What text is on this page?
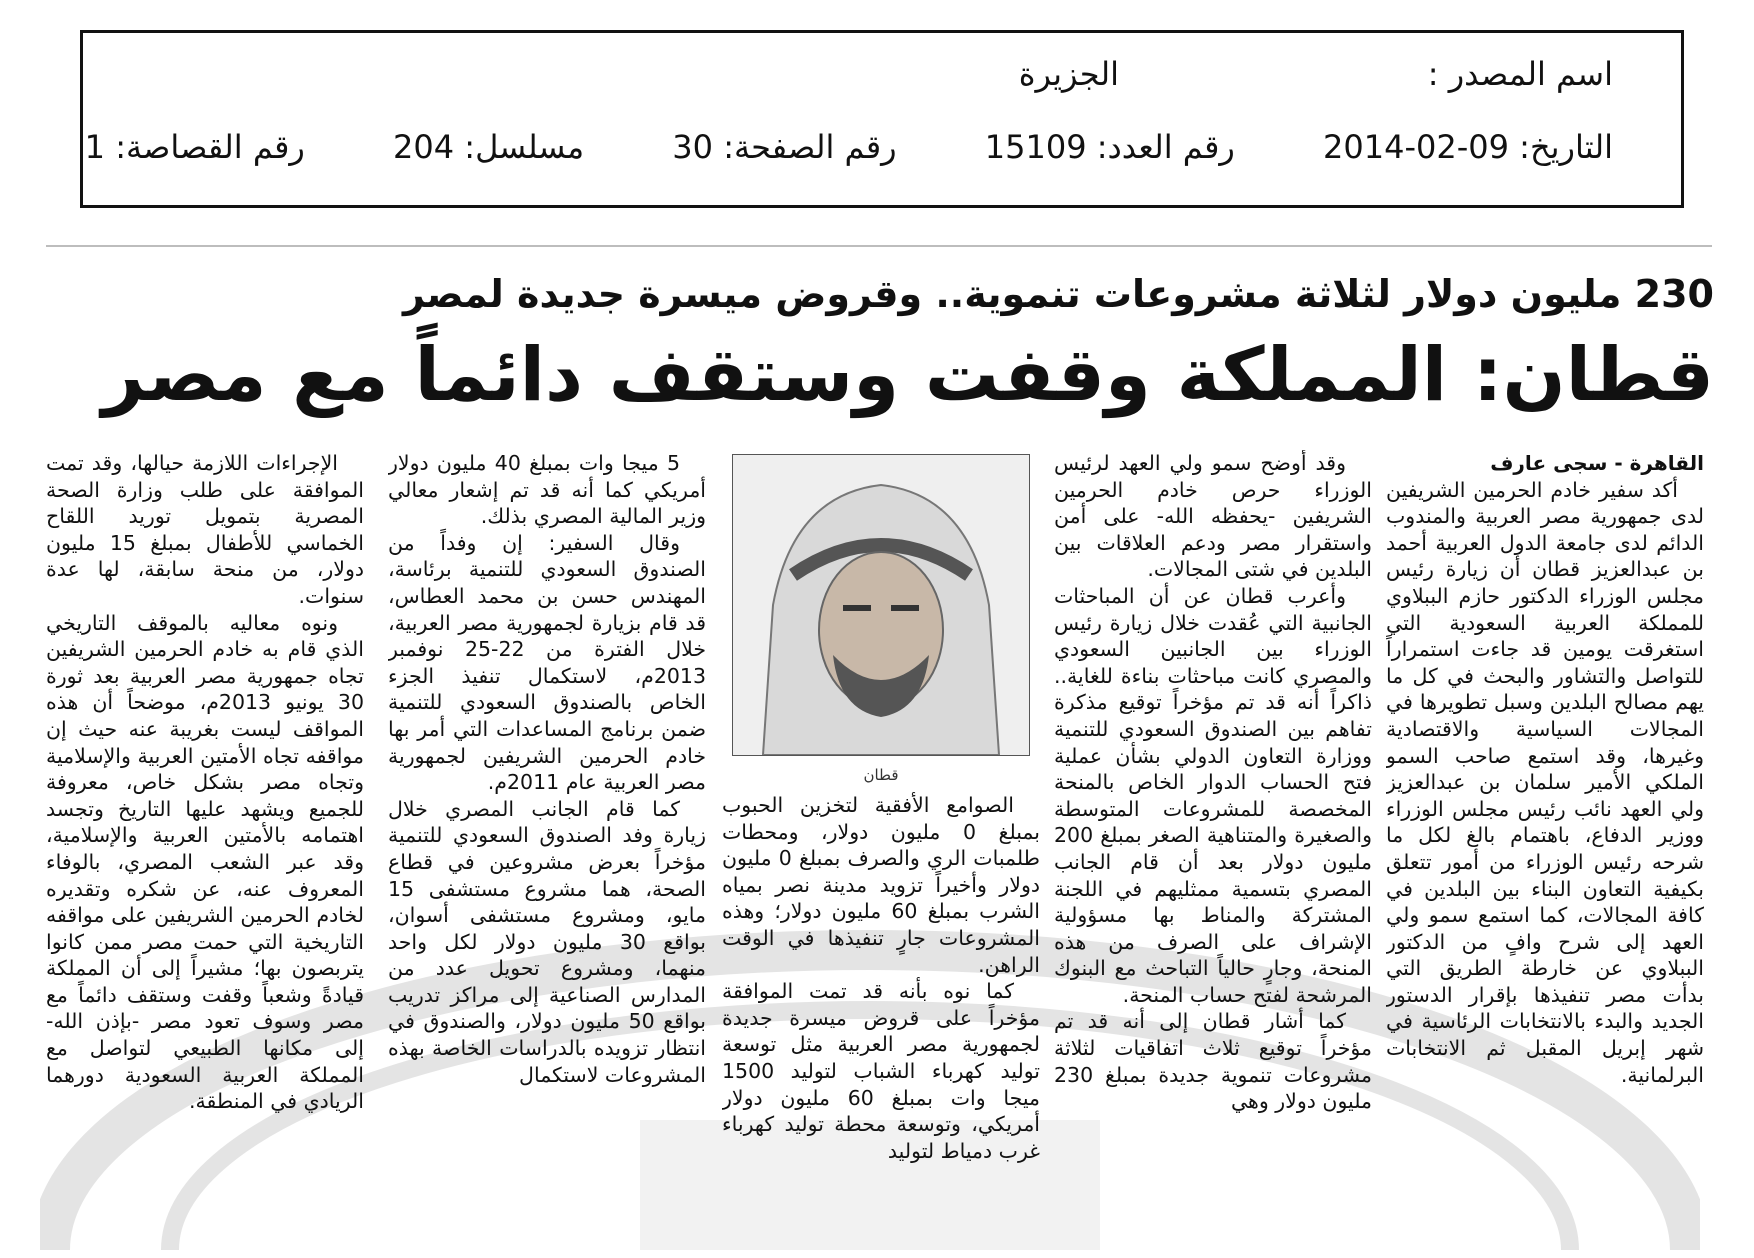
اسم المصدر :
الجزيرة
التاريخ: 09-02-2014 رقم العدد: 15109 رقم الصفحة: 30 مسلسل: 204 رقم القصاصة: 1
230 مليون دولار لثلاثة مشروعات تنموية.. وقروض ميسرة جديدة لمصر
قطان: المملكة وقفت وستقف دائماً مع مصر

القاهرة - سجى عارف

أكد سفير خادم الحرمين الشريفين لدى جمهورية مصر العربية والمندوب الدائم لدى جامعة الدول العربية أحمد بن عبدالعزيز قطان أن زيارة رئيس مجلس الوزراء الدكتور حازم الببلاوي للمملكة العربية السعودية التي استغرقت يومين قد جاءت استمراراً للتواصل والتشاور والبحث في كل ما يهم مصالح البلدين وسبل تطويرها في المجالات السياسية والاقتصادية وغيرها، وقد استمع صاحب السمو الملكي الأمير سلمان بن عبدالعزيز ولي العهد نائب رئيس مجلس الوزراء ووزير الدفاع، باهتمام بالغ لكل ما شرحه رئيس الوزراء من أمور تتعلق بكيفية التعاون البناء بين البلدين في كافة المجالات، كما استمع سمو ولي العهد إلى شرح وافٍ من الدكتور الببلاوي عن خارطة الطريق التي بدأت مصر تنفيذها بإقرار الدستور الجديد والبدء بالانتخابات الرئاسية في شهر إبريل المقبل ثم الانتخابات البرلمانية.

وقد أوضح سمو ولي العهد لرئيس الوزراء حرص خادم الحرمين الشريفين -يحفظه الله- على أمن واستقرار مصر ودعم العلاقات بين البلدين في شتى المجالات.

وأعرب قطان عن أن المباحثات الجانبية التي عُقدت خلال زيارة رئيس الوزراء بين الجانبين السعودي والمصري كانت مباحثات بناءة للغاية.. ذاكراً أنه قد تم مؤخراً توقيع مذكرة تفاهم بين الصندوق السعودي للتنمية ووزارة التعاون الدولي بشأن عملية فتح الحساب الدوار الخاص بالمنحة المخصصة للمشروعات المتوسطة والصغيرة والمتناهية الصغر بمبلغ 200 مليون دولار بعد أن قام الجانب المصري بتسمية ممثليهم في اللجنة المشتركة والمناط بها مسؤولية الإشراف على الصرف من هذه المنحة، وجارٍ حالياً التباحث مع البنوك المرشحة لفتح حساب المنحة.

كما أشار قطان إلى أنه قد تم مؤخراً توقيع ثلاث اتفاقيات لثلاثة مشروعات تنموية جديدة بمبلغ 230 مليون دولار وهي

قطان

الصوامع الأفقية لتخزين الحبوب بمبلغ 0 مليون دولار، ومحطات طلمبات الري والصرف بمبلغ 0 مليون دولار وأخيراً تزويد مدينة نصر بمياه الشرب بمبلغ 60 مليون دولار؛ وهذه المشروعات جارٍ تنفيذها في الوقت الراهن.

كما نوه بأنه قد تمت الموافقة مؤخراً على قروض ميسرة جديدة لجمهورية مصر العربية مثل توسعة توليد كهرباء الشباب لتوليد 1500 ميجا وات بمبلغ 60 مليون دولار أمريكي، وتوسعة محطة توليد كهرباء غرب دمياط لتوليد

5 ميجا وات بمبلغ 40 مليون دولار أمريكي كما أنه قد تم إشعار معالي وزير المالية المصري بذلك.

وقال السفير: إن وفداً من الصندوق السعودي للتنمية برئاسة، المهندس حسن بن محمد العطاس، قد قام بزيارة لجمهورية مصر العربية، خلال الفترة من 22-25 نوفمبر 2013م، لاستكمال تنفيذ الجزء الخاص بالصندوق السعودي للتنمية ضمن برنامج المساعدات التي أمر بها خادم الحرمين الشريفين لجمهورية مصر العربية عام 2011م.

كما قام الجانب المصري خلال زيارة وفد الصندوق السعودي للتنمية مؤخراً بعرض مشروعين في قطاع الصحة، هما مشروع مستشفى 15 مايو، ومشروع مستشفى أسوان، بواقع 30 مليون دولار لكل واحد منهما، ومشروع تحويل عدد من المدارس الصناعية إلى مراكز تدريب بواقع 50 مليون دولار، والصندوق في انتظار تزويده بالدراسات الخاصة بهذه المشروعات لاستكمال

الإجراءات اللازمة حيالها، وقد تمت الموافقة على طلب وزارة الصحة المصرية بتمويل توريد اللقاح الخماسي للأطفال بمبلغ 15 مليون دولار، من منحة سابقة، لها عدة سنوات.

ونوه معاليه بالموقف التاريخي الذي قام به خادم الحرمين الشريفين تجاه جمهورية مصر العربية بعد ثورة 30 يونيو 2013م، موضحاً أن هذه المواقف ليست بغريبة عنه حيث إن مواقفه تجاه الأمتين العربية والإسلامية وتجاه مصر بشكل خاص، معروفة للجميع ويشهد عليها التاريخ وتجسد اهتمامه بالأمتين العربية والإسلامية، وقد عبر الشعب المصري، بالوفاء المعروف عنه، عن شكره وتقديره لخادم الحرمين الشريفين على مواقفه التاريخية التي حمت مصر ممن كانوا يتربصون بها؛ مشيراً إلى أن المملكة قيادةً وشعباً وقفت وستقف دائماً مع مصر وسوف تعود مصر -بإذن الله- إلى مكانها الطبيعي لتواصل مع المملكة العربية السعودية دورهما الريادي في المنطقة.
